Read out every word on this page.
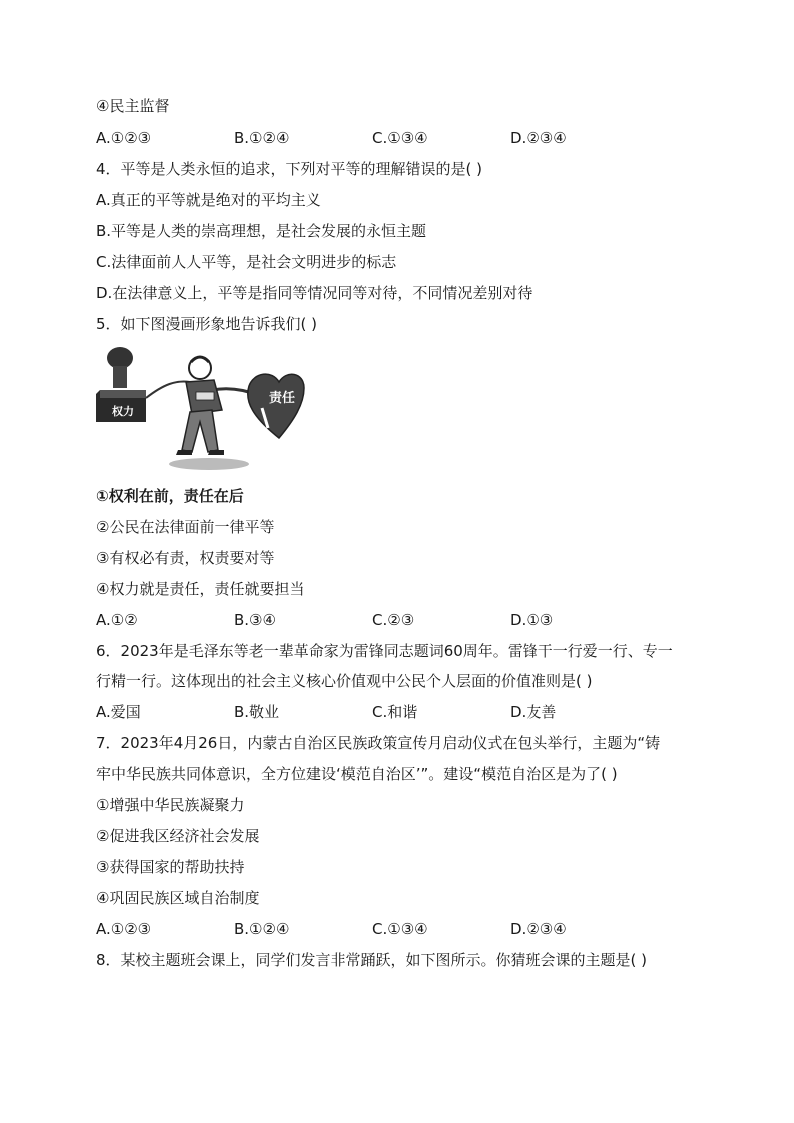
④民主监督
A.①②③	B.①②④	C.①③④	D.②③④
4．平等是人类永恒的追求，下列对平等的理解错误的是( )
A.真正的平等就是绝对的平均主义
B.平等是人类的崇高理想，是社会发展的永恒主题
C.法律面前人人平等，是社会文明进步的标志
D.在法律意义上，平等是指同等情况同等对待，不同情况差别对待
5．如下图漫画形象地告诉我们( )
权力
责任
①权利在前，责任在后
②公民在法律面前一律平等
③有权必有责，权责要对等
④权力就是责任，责任就要担当
A.①②	B.③④	C.②③	D.①③
6．2023年是毛泽东等老一辈革命家为雷锋同志题词60周年。雷锋干一行爱一行、专一
行精一行。这体现出的社会主义核心价值观中公民个人层面的价值准则是( )
A.爱国	B.敬业	C.和谐	D.友善
7．2023年4月26日，内蒙古自治区民族政策宣传月启动仪式在包头举行，主题为“铸
牢中华民族共同体意识，全方位建设‘模范自治区’”。建设“模范自治区是为了( )
①增强中华民族凝聚力
②促进我区经济社会发展
③获得国家的帮助扶持
④巩固民族区域自治制度
A.①②③	B.①②④	C.①③④	D.②③④
8．某校主题班会课上，同学们发言非常踊跃，如下图所示。你猜班会课的主题是( )
